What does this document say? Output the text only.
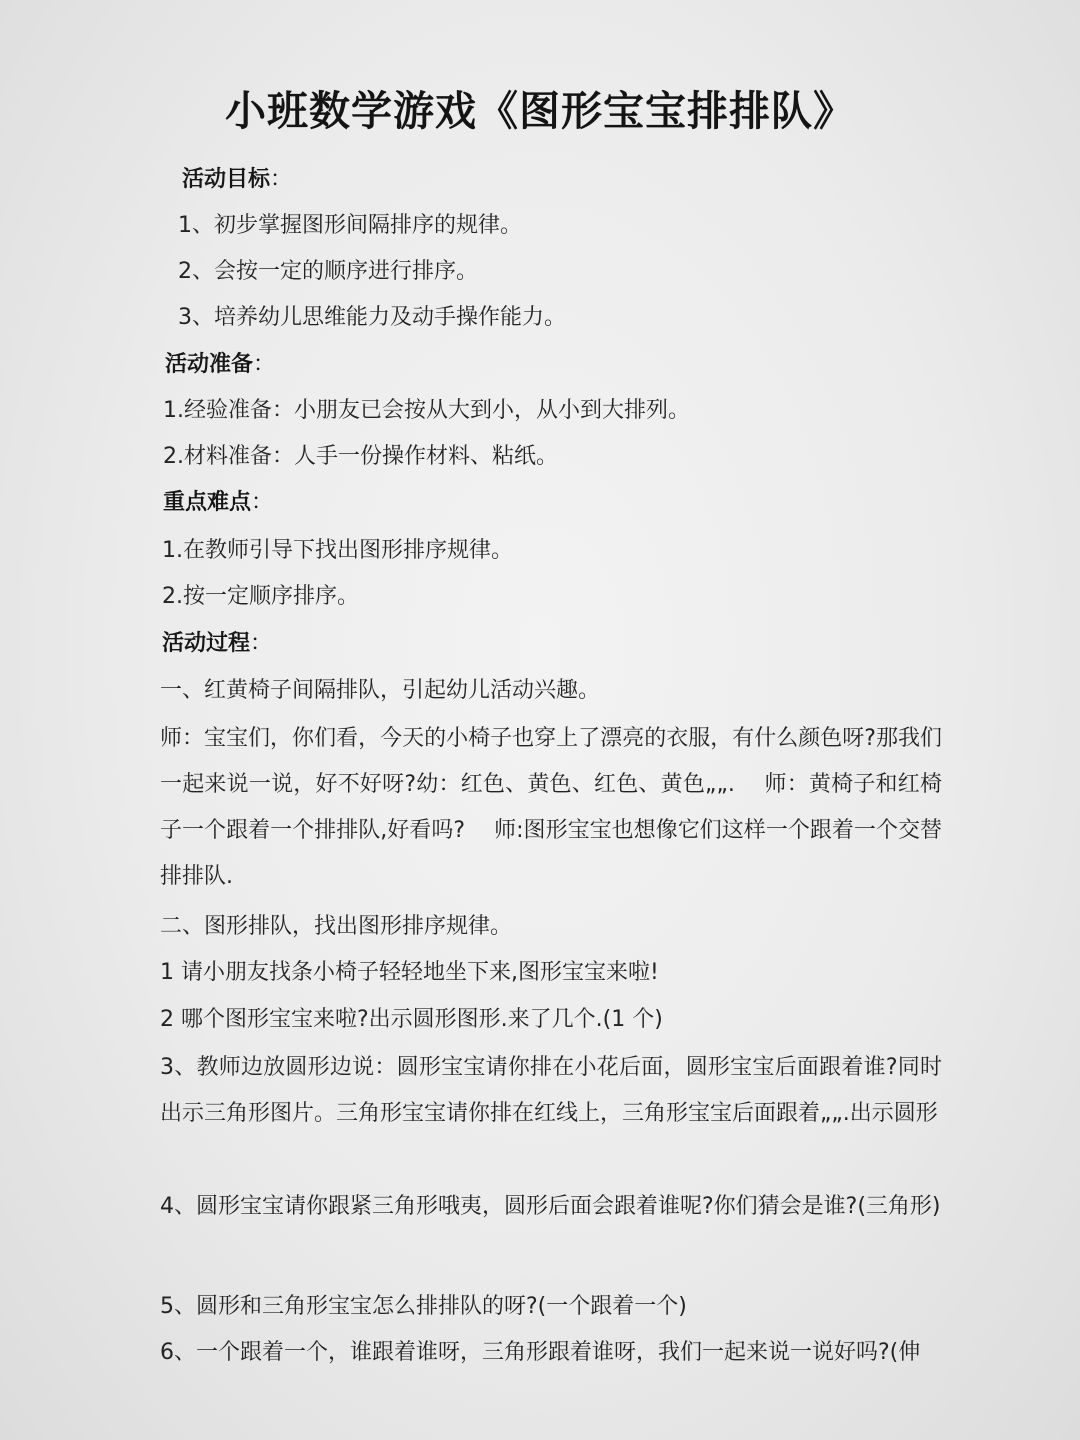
小班数学游戏《图形宝宝排排队》

活动目标：

1、初步掌握图形间隔排序的规律。

2、会按一定的顺序进行排序。

3、培养幼儿思维能力及动手操作能力。

活动准备：

1.经验准备：小朋友已会按从大到小，从小到大排列。

2.材料准备：人手一份操作材料、粘纸。

重点难点：

1.在教师引导下找出图形排序规律。

2.按一定顺序排序。

活动过程：

一、红黄椅子间隔排队，引起幼儿活动兴趣。

师：宝宝们，你们看，今天的小椅子也穿上了漂亮的衣服，有什么颜色呀?那我们一起来说一说，好不好呀?幼：红色、黄色、红色、黄色„„.　 师：黄椅子和红椅子一个跟着一个排排队,好看吗?　 师:图形宝宝也想像它们这样一个跟着一个交替排排队.

二、图形排队，找出图形排序规律。

1 请小朋友找条小椅子轻轻地坐下来,图形宝宝来啦!

2 哪个图形宝宝来啦?出示圆形图形.来了几个.(1 个)

3、教师边放圆形边说：圆形宝宝请你排在小花后面，圆形宝宝后面跟着谁?同时出示三角形图片。三角形宝宝请你排在红线上，三角形宝宝后面跟着„„.出示圆形

4、圆形宝宝请你跟紧三角形哦夷，圆形后面会跟着谁呢?你们猜会是谁?(三角形)

5、圆形和三角形宝宝怎么排排队的呀?(一个跟着一个)

6、一个跟着一个，谁跟着谁呀，三角形跟着谁呀，我们一起来说一说好吗?(伸
